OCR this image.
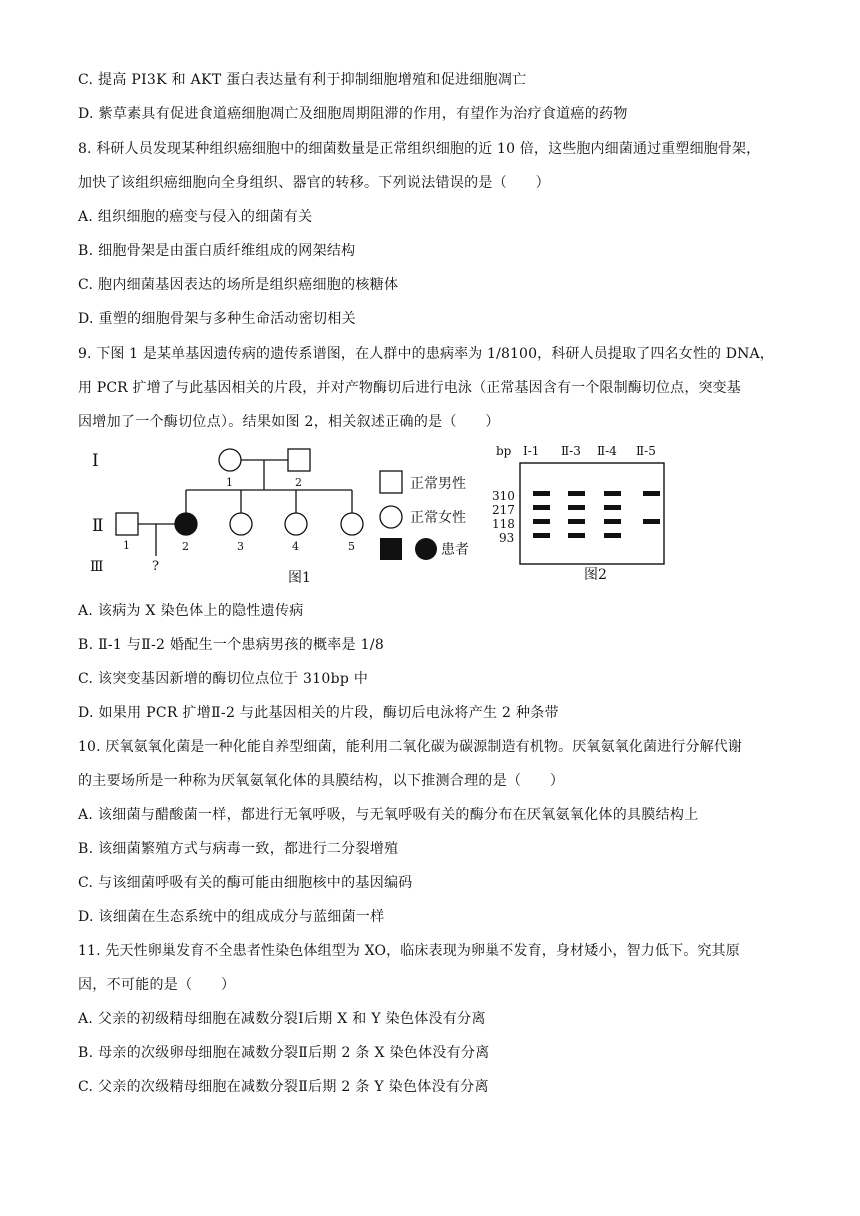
C. 提高 PI3K 和 AKT 蛋白表达量有利于抑制细胞增殖和促进细胞凋亡
D. 紫草素具有促进食道癌细胞凋亡及细胞周期阻滞的作用，有望作为治疗食道癌的药物
8. 科研人员发现某种组织癌细胞中的细菌数量是正常组织细胞的近 10 倍，这些胞内细菌通过重塑细胞骨架，
加快了该组织癌细胞向全身组织、器官的转移。下列说法错误的是（　　）
A. 组织细胞的癌变与侵入的细菌有关
B. 细胞骨架是由蛋白质纤维组成的网架结构
C. 胞内细菌基因表达的场所是组织癌细胞的核糖体
D. 重塑的细胞骨架与多种生命活动密切相关
9. 下图 1 是某单基因遗传病的遗传系谱图，在人群中的患病率为 1/8100，科研人员提取了四名女性的 DNA，
用 PCR 扩增了与此基因相关的片段，并对产物酶切后进行电泳（正常基因含有一个限制酶切位点，突变基
因增加了一个酶切位点）。结果如图 2，相关叙述正确的是（　　）
A. 该病为 X 染色体上的隐性遗传病
B. Ⅱ-1 与Ⅱ-2 婚配生一个患病男孩的概率是 1/8
C. 该突变基因新增的酶切位点位于 310bp 中
D. 如果用 PCR 扩增Ⅱ-2 与此基因相关的片段，酶切后电泳将产生 2 种条带
10. 厌氧氨氧化菌是一种化能自养型细菌，能利用二氧化碳为碳源制造有机物。厌氧氨氧化菌进行分解代谢
的主要场所是一种称为厌氧氨氧化体的具膜结构，以下推测合理的是（　　）
A. 该细菌与醋酸菌一样，都进行无氧呼吸，与无氧呼吸有关的酶分布在厌氧氨氧化体的具膜结构上
B. 该细菌繁殖方式与病毒一致，都进行二分裂增殖
C. 与该细菌呼吸有关的酶可能由细胞核中的基因编码
D. 该细菌在生态系统中的组成成分与蓝细菌一样
11. 先天性卵巢发育不全患者性染色体组型为 XO，临床表现为卵巢不发育，身材矮小，智力低下。究其原
因，不可能的是（　　）
A. 父亲的初级精母细胞在减数分裂Ⅰ后期 X 和 Y 染色体没有分离
B. 母亲的次级卵母细胞在减数分裂Ⅱ后期 2 条 X 染色体没有分离
C. 父亲的次级精母细胞在减数分裂Ⅱ后期 2 条 Y 染色体没有分离
Ⅰ
Ⅱ
Ⅲ
1	2
1	2	3	4	5
?
正常男性
正常女性
患者
图1
bp Ⅰ-1 Ⅱ-3 Ⅱ-4 Ⅱ-5
310
217
118
93
图2
